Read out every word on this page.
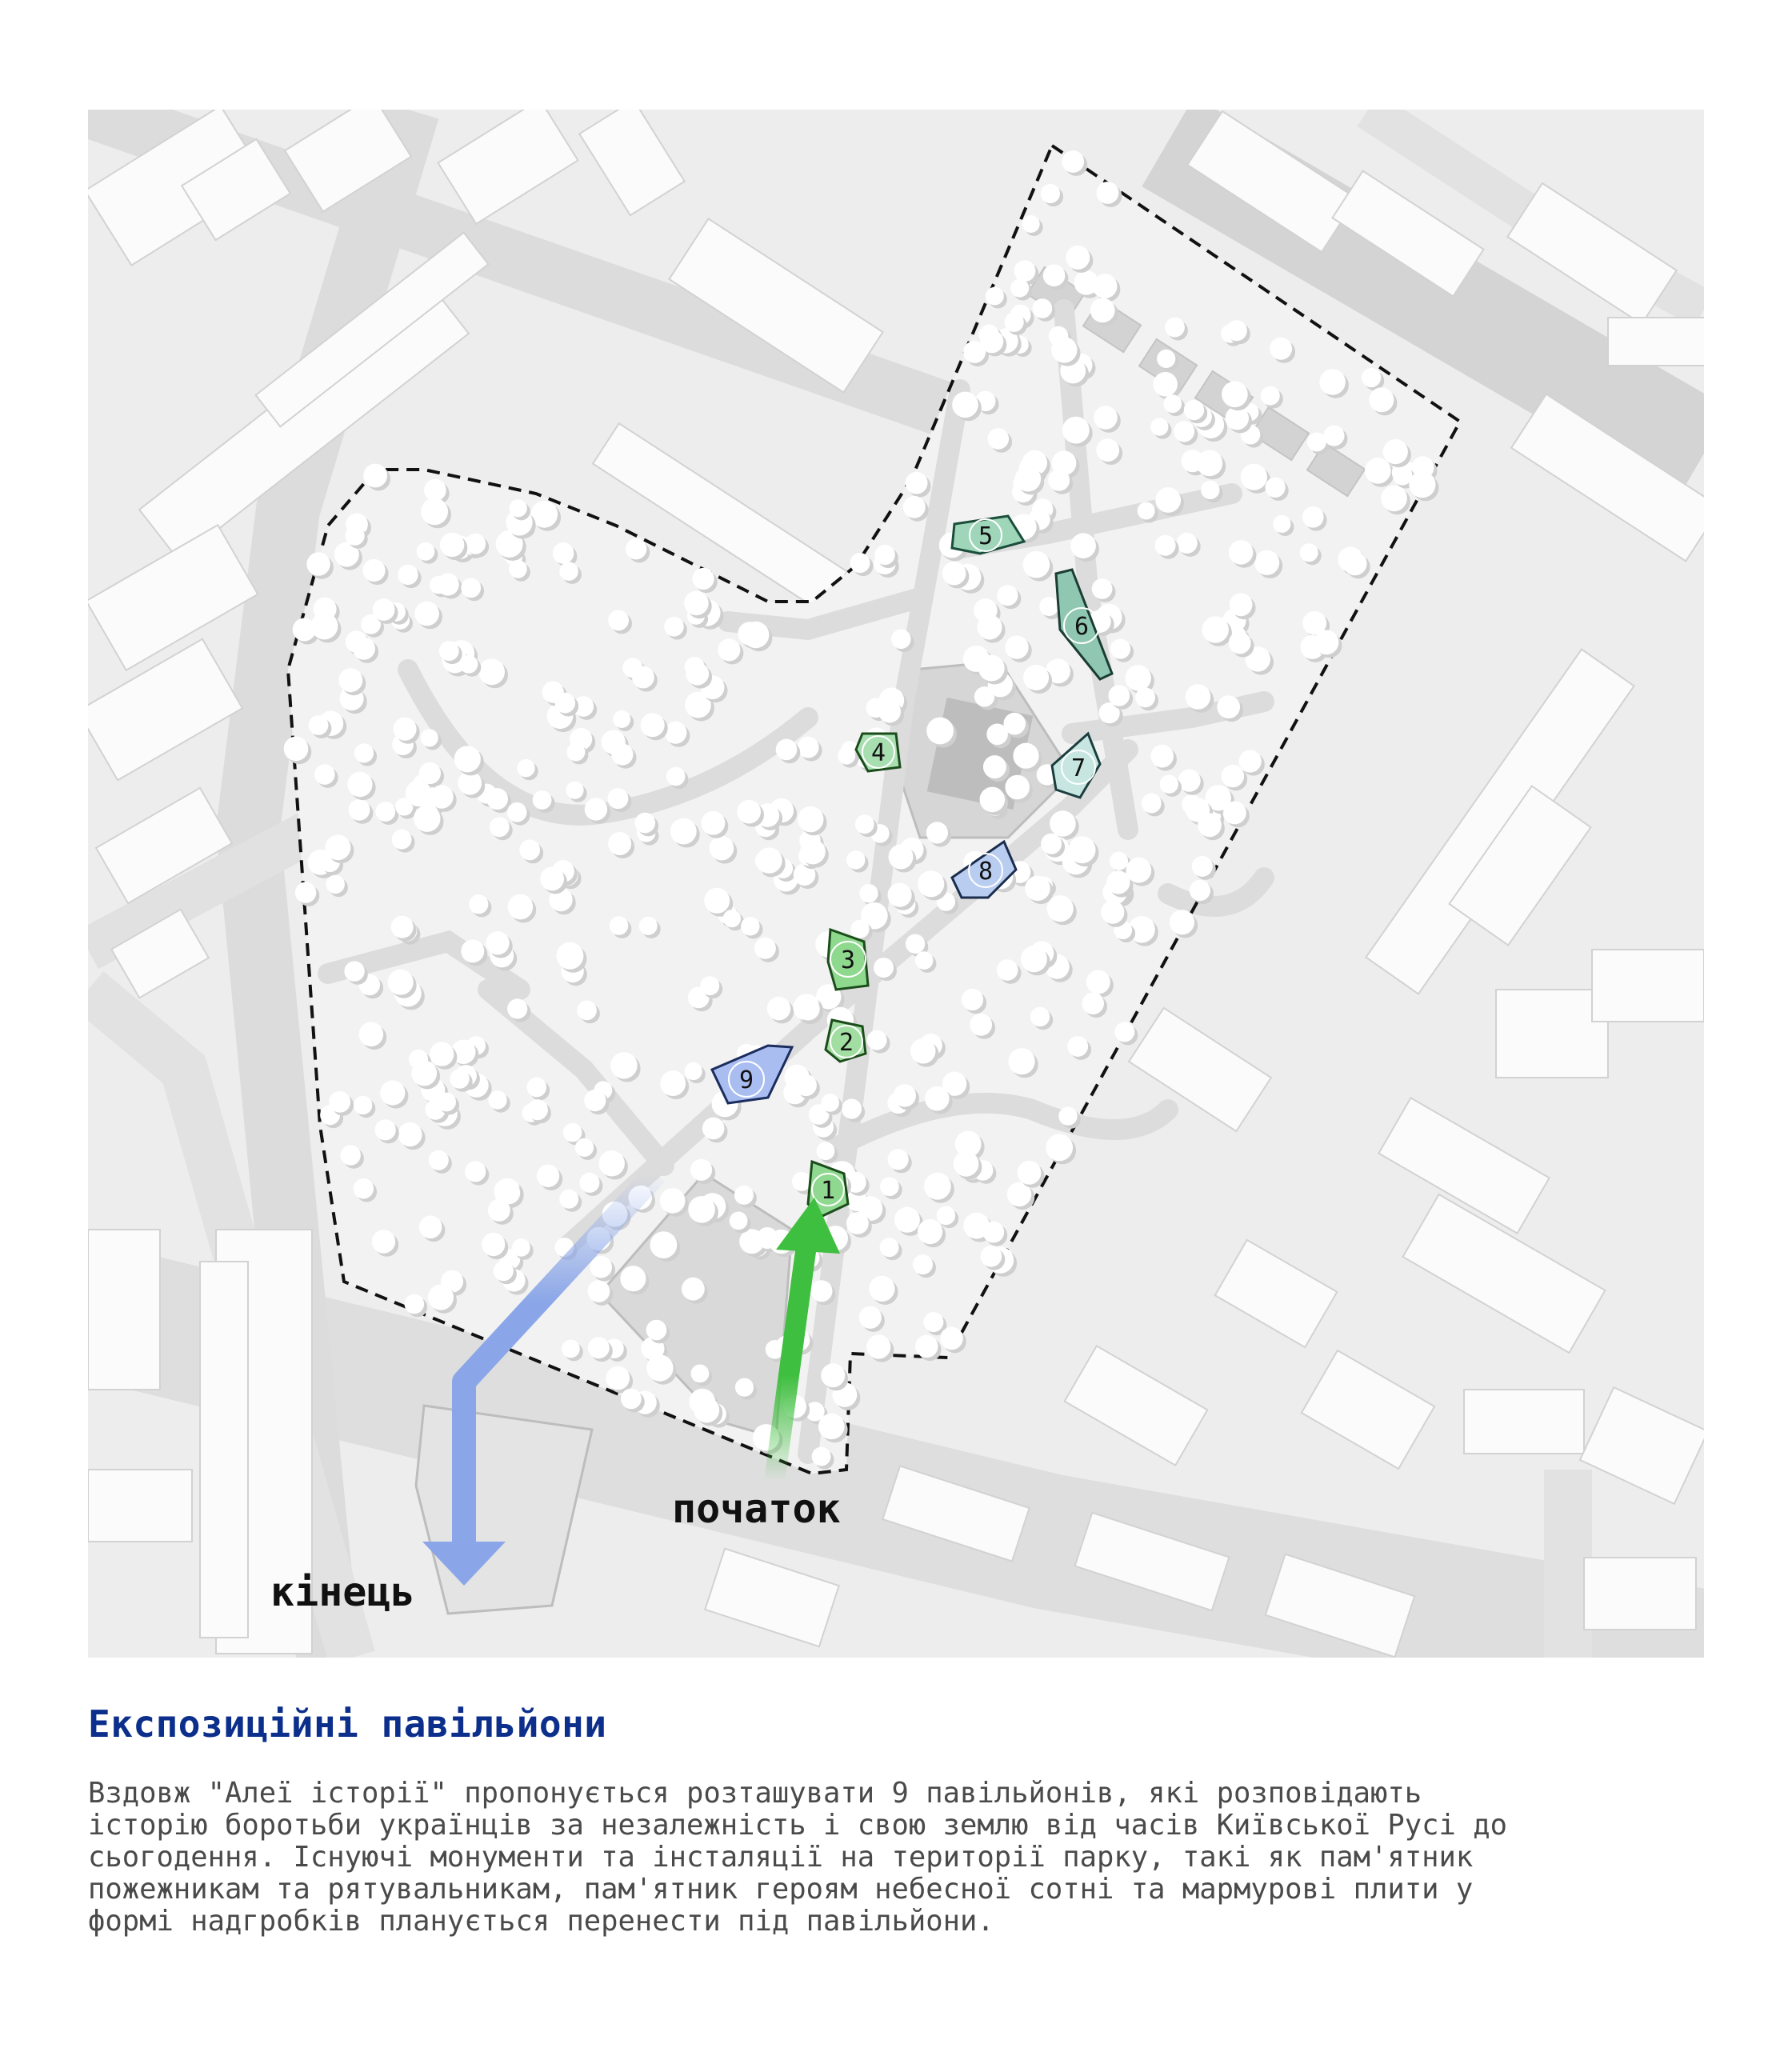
1
2
3
4
5
6
7
8
9
початок
кінець
Експозиційні павільйони
Вздовж "Алеї історії" пропонується розташувати 9 павільйонів, які розповідають
історію боротьби українців за незалежність і свою землю від часів Київської Русі до
сьогодення. Існуючі монументи та інсталяції на території парку, такі як пам'ятник
пожежникам та рятувальникам, пам'ятник героям небесної сотні та мармурові плити у
формі надгробків планується перенести під павільйони.
